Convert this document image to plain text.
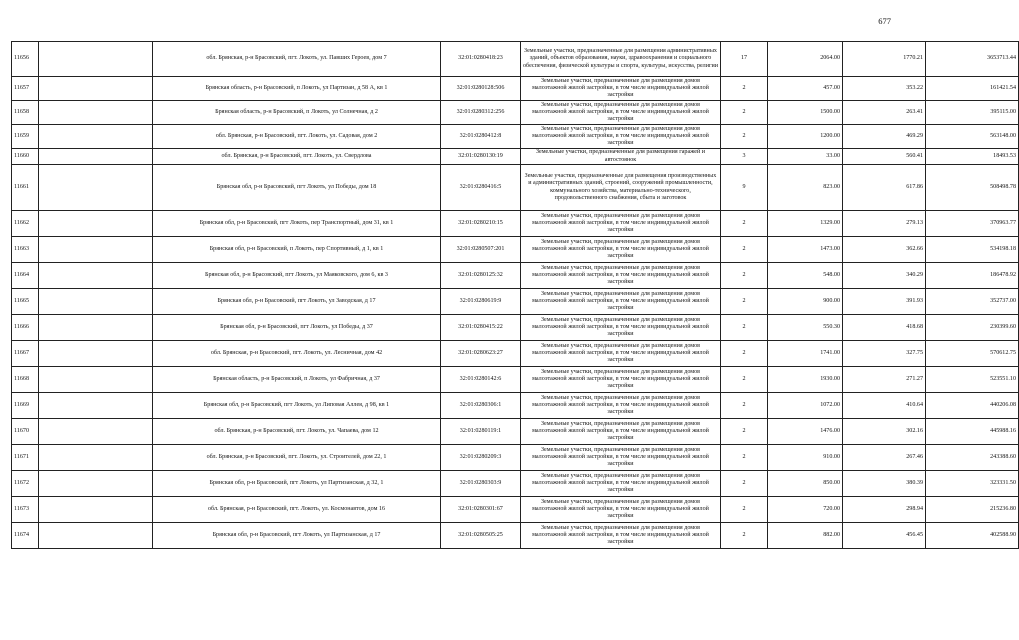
677
11656		обл. Брянская, р-н Брасовский, пгт. Локоть, ул. Павших Героев, дом 7	32:01:0280418:23	Земельные участки, предназначенные для размещения административных зданий, объектов образования, науки, здравоохранения и социального обеспечения, физической культуры и спорта, культуры, искусства, религии	17	2064.00	1770.21	3653713.44
11657		Брянская область, р-н Брасовский, п Локоть, ул Партизан, д 58 А, кв 1	32:01:0280128:506	Земельные участки, предназначенные для размещения домов малоэтажной жилой застройки, в том числе индивидуальной жилой застройки	2	457.00	353.22	161421.54
11658		Брянская область, р-н Брасовский, п Локоть, ул Солнечная, д 2	32:01:0280312:256	Земельные участки, предназначенные для размещения домов малоэтажной жилой застройки, в том числе индивидуальной жилой застройки	2	1500.00	263.41	395115.00
11659		обл. Брянская, р-н Брасовский, пгт. Локоть, ул. Садовая, дом 2	32:01:0280412:8	Земельные участки, предназначенные для размещения домов малоэтажной жилой застройки, в том числе индивидуальной жилой застройки	2	1200.00	469.29	563148.00
11660		обл. Брянская, р-н Брасовский, пгт. Локоть, ул. Свердлова	32:01:0280130:19	Земельные участки, предназначенные для размещения гаражей и автостоянок	3	33.00	560.41	18493.53
11661		Брянская обл, р-н Брасовский, пгт Локоть, ул Победы, дом 18	32:01:0280416:5	Земельные участки, предназначенные для размещения производственных и административных зданий, строений, сооружений промышленности, коммунального хозяйства, материально-технического, продовольственного снабжения, сбыта и заготовок	9	823.00	617.86	508498.78
11662		Брянская обл, р-н Брасовский, пгт Локоть, пер Транспортный, дом 31, кв 1	32:01:0280210:15	Земельные участки, предназначенные для размещения домов малоэтажной жилой застройки, в том числе индивидуальной жилой застройки	2	1329.00	279.13	370963.77
11663		Брянская обл, р-н Брасовский, п Локоть, пер Спортивный, д 1, кв 1	32:01:0280507:201	Земельные участки, предназначенные для размещения домов малоэтажной жилой застройки, в том числе индивидуальной жилой застройки	2	1473.00	362.66	534198.18
11664		Брянская обл, р-н Брасовский, пгт Локоть, ул Маяковского, дом 6, кв 3	32:01:0280125:32	Земельные участки, предназначенные для размещения домов малоэтажной жилой застройки, в том числе индивидуальной жилой застройки	2	548.00	340.29	186478.92
11665		Брянская обл, р-н Брасовский, пгт Локоть, ул Заводская, д 17	32:01:0280619:9	Земельные участки, предназначенные для размещения домов малоэтажной жилой застройки, в том числе индивидуальной жилой застройки	2	900.00	391.93	352737.00
11666		Брянская обл, р-н Брасовский, пгт Локоть, ул Победы, д 37	32:01:0280415:22	Земельные участки, предназначенные для размещения домов малоэтажной жилой застройки, в том числе индивидуальной жилой застройки	2	550.30	418.68	230399.60
11667		обл. Брянская, р-н Брасовский, пгт. Локоть, ул. Лесничная, дом 42	32:01:0280623:27	Земельные участки, предназначенные для размещения домов малоэтажной жилой застройки, в том числе индивидуальной жилой застройки	2	1741.00	327.75	570612.75
11668		Брянская область, р-н Брасовский, п Локоть, ул Фабричная, д 37	32:01:0280142:6	Земельные участки, предназначенные для размещения домов малоэтажной жилой застройки, в том числе индивидуальной жилой застройки	2	1930.00	271.27	523551.10
11669		Брянская обл, р-н Брасовский, пгт Локоть, ул Липовая Аллея, д 98, кв 1	32:01:0280306:1	Земельные участки, предназначенные для размещения домов малоэтажной жилой застройки, в том числе индивидуальной жилой застройки	2	1072.00	410.64	440206.08
11670		обл. Брянская, р-н Брасовский, пгт. Локоть, ул. Чапаева, дом 12	32:01:0280119:1	Земельные участки, предназначенные для размещения домов малоэтажной жилой застройки, в том числе индивидуальной жилой застройки	2	1476.00	302.16	445988.16
11671		обл. Брянская, р-н Брасовский, пгт. Локоть, ул. Строителей, дом 22, 1	32:01:0280209:3	Земельные участки, предназначенные для размещения домов малоэтажной жилой застройки, в том числе индивидуальной жилой застройки	2	910.00	267.46	243388.60
11672		Брянская обл, р-н Брасовский, пгт Локоть, ул Партизанская, д 32, 1	32:01:0280303:9	Земельные участки, предназначенные для размещения домов малоэтажной жилой застройки, в том числе индивидуальной жилой застройки	2	850.00	380.39	323331.50
11673		обл. Брянская, р-н Брасовский, пгт. Локоть, ул. Космонавтов, дом 16	32:01:0280301:67	Земельные участки, предназначенные для размещения домов малоэтажной жилой застройки, в том числе индивидуальной жилой застройки	2	720.00	298.94	215236.80
11674		Брянская обл, р-н Брасовский, пгт Локоть, ул Партизанская, д 17	32:01:0280505:25	Земельные участки, предназначенные для размещения домов малоэтажной жилой застройки, в том числе индивидуальной жилой застройки	2	882.00	456.45	402588.90
